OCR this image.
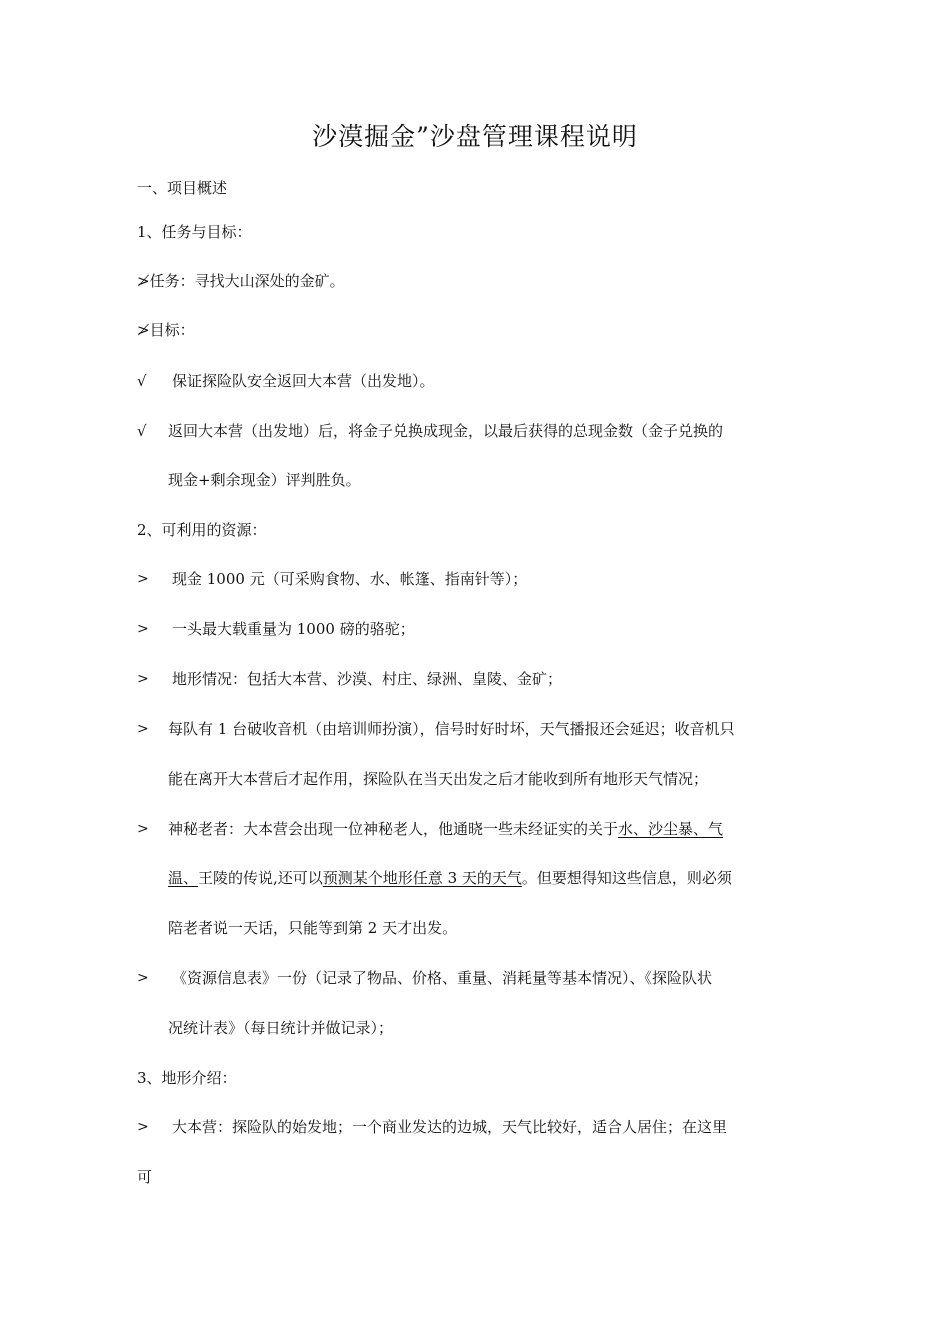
沙漠掘金”沙盘管理课程说明
一、项目概述
1、任务与目标：
≯任务：寻找大山深处的金矿。
≯目标：
√ 保证探险队安全返回大本营（出发地）。
√ 返回大本营（出发地）后，将金子兑换成现金，以最后获得的总现金数（金子兑换的
现金+剩余现金）评判胜负。
2、可利用的资源：
> 现金 1000 元（可采购食物、水、帐篷、指南针等）；
> 一头最大载重量为 1000 磅的骆驼；
> 地形情况：包括大本营、沙漠、村庄、绿洲、皇陵、金矿；
> 每队有 1 台破收音机（由培训师扮演），信号时好时坏，天气播报还会延迟；收音机只
能在离开大本营后才起作用，探险队在当天出发之后才能收到所有地形天气情况；
> 神秘老者：大本营会出现一位神秘老人，他通晓一些未经证实的关于水、沙尘暴、气
温、王陵的传说,还可以预测某个地形任意 3 天的天气。但要想得知这些信息，则必须
陪老者说一天话，只能等到第 2 天才出发。
> 《资源信息表》一份（记录了物品、价格、重量、消耗量等基本情况）、《探险队状
况统计表》（每日统计并做记录）；
3、地形介绍：
> 大本营：探险队的始发地；一个商业发达的边城，天气比较好，适合人居住；在这里
可
